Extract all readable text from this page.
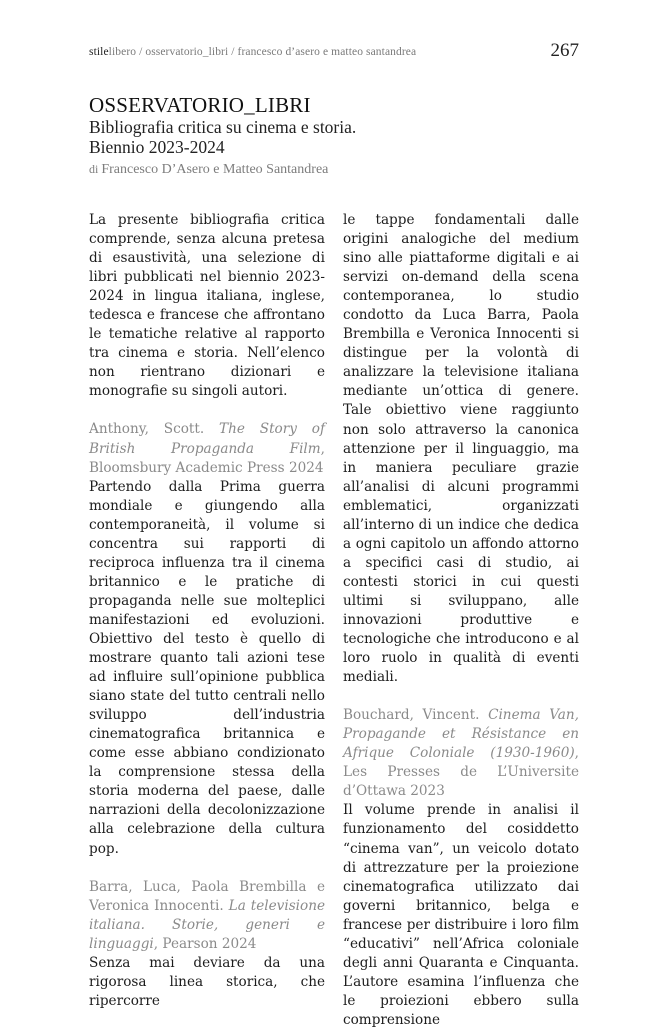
stilelibero / osservatorio_libri / francesco d’asero e matteo santandrea	267
OSSERVATORIO_LIBRI
Bibliografia critica su cinema e storia.
Biennio 2023-2024
di Francesco D’Asero e Matteo Santandrea

La presente bibliografia critica comprende, senza alcuna pretesa di esaustività, una selezione di libri pubblicati nel biennio 2023-2024 in lingua italiana, inglese, tedesca e francese che affrontano le tematiche relative al rapporto tra cinema e storia. Nell’elenco non rientrano dizionari e monografie su singoli autori.

Anthony, Scott. The Story of British Propaganda Film, Bloomsbury Academic Press 2024

Partendo dalla Prima guerra mondiale e giungendo alla contemporaneità, il volume si concentra sui rapporti di reciproca influenza tra il cinema britannico e le pratiche di propaganda nelle sue molteplici manifestazioni ed evoluzioni. Obiettivo del testo è quello di mostrare quanto tali azioni tese ad influire sull’opinione pubblica siano state del tutto centrali nello sviluppo dell’industria cinematografica britannica e come esse abbiano condizionato la comprensione stessa della storia moderna del paese, dalle narrazioni della decolonizzazione alla celebrazione della cultura pop.

Barra, Luca, Paola Brembilla e Veronica Innocenti. La televisione italiana. Storie, generi e linguaggi, Pearson 2024

Senza mai deviare da una rigorosa linea storica, che ripercorre

le tappe fondamentali dalle origini analogiche del medium sino alle piattaforme digitali e ai servizi on-demand della scena contemporanea, lo studio condotto da Luca Barra, Paola Brembilla e Veronica Innocenti si distingue per la volontà di analizzare la televisione italiana mediante un’ottica di genere. Tale obiettivo viene raggiunto non solo attraverso la canonica attenzione per il linguaggio, ma in maniera peculiare grazie all’analisi di alcuni programmi emblematici, organizzati all’interno di un indice che dedica a ogni capitolo un affondo attorno a specifici casi di studio, ai contesti storici in cui questi ultimi si sviluppano, alle innovazioni produttive e tecnologiche che introducono e al loro ruolo in qualità di eventi mediali.

Bouchard, Vincent. Cinema Van, Propagande et Résistance en Afrique Coloniale (1930-1960), Les Presses de L’Universite d’Ottawa 2023

Il volume prende in analisi il funzionamento del cosiddetto “cinema van”, un veicolo dotato di attrezzature per la proiezione cinematografica utilizzato dai governi britannico, belga e francese per distribuire i loro film “educativi” nell’Africa coloniale degli anni Quaranta e Cinquanta. L’autore esamina l’influenza che le proiezioni ebbero sulla comprensione
